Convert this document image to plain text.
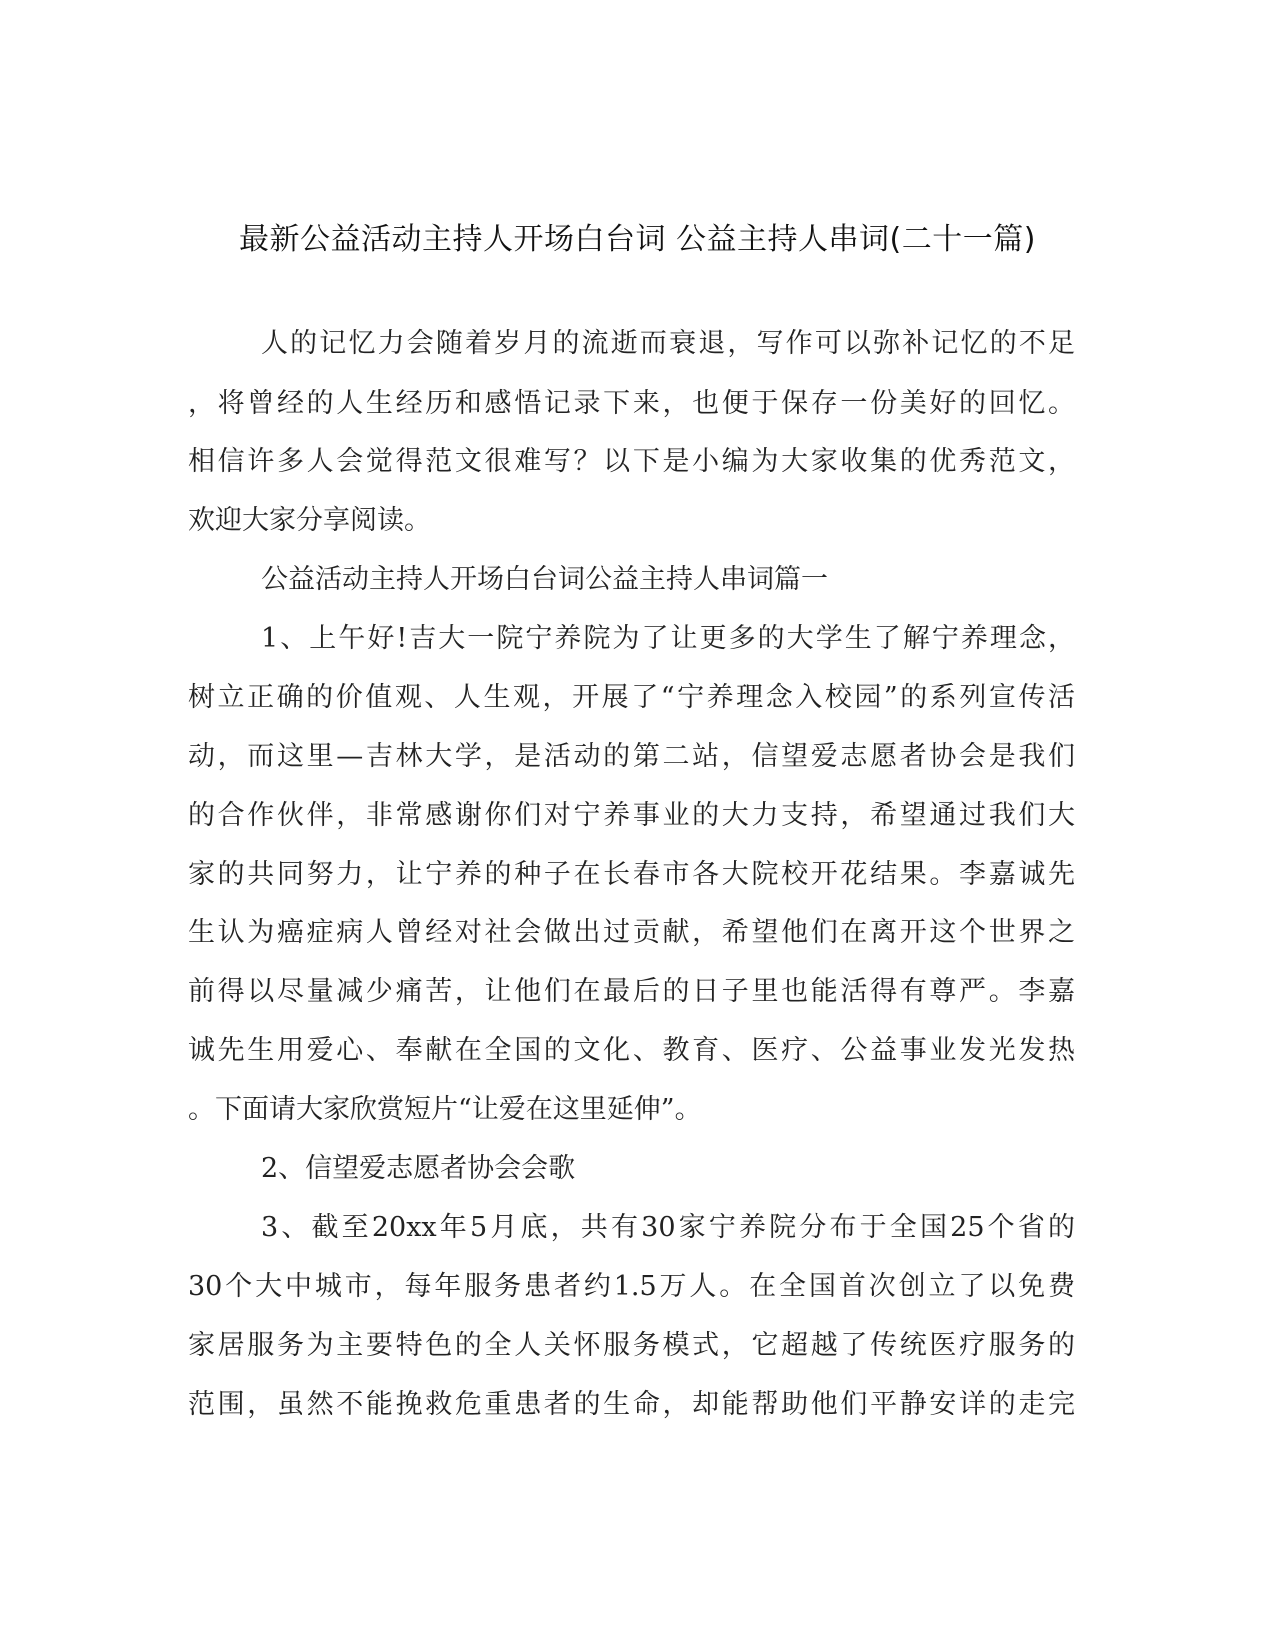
最新公益活动主持人开场白台词 公益主持人串词(二十一篇)
人的记忆力会随着岁月的流逝而衰退，写作可以弥补记忆的不足
，将曾经的人生经历和感悟记录下来，也便于保存一份美好的回忆。
相信许多人会觉得范文很难写？以下是小编为大家收集的优秀范文，
欢迎大家分享阅读。
公益活动主持人开场白台词公益主持人串词篇一
1、上午好!吉大一院宁养院为了让更多的大学生了解宁养理念，
树立正确的价值观、人生观，开展了“宁养理念入校园”的系列宣传活
动，而这里—吉林大学，是活动的第二站，信望爱志愿者协会是我们
的合作伙伴，非常感谢你们对宁养事业的大力支持，希望通过我们大
家的共同努力，让宁养的种子在长春市各大院校开花结果。李嘉诚先
生认为癌症病人曾经对社会做出过贡献，希望他们在离开这个世界之
前得以尽量减少痛苦，让他们在最后的日子里也能活得有尊严。李嘉
诚先生用爱心、奉献在全国的文化、教育、医疗、公益事业发光发热
。下面请大家欣赏短片“让爱在这里延伸”。
2、信望爱志愿者协会会歌
3、截至20xx年5月底，共有30家宁养院分布于全国25个省的
30个大中城市，每年服务患者约1.5万人。在全国首次创立了以免费
家居服务为主要特色的全人关怀服务模式，它超越了传统医疗服务的
范围，虽然不能挽救危重患者的生命，却能帮助他们平静安详的走完
